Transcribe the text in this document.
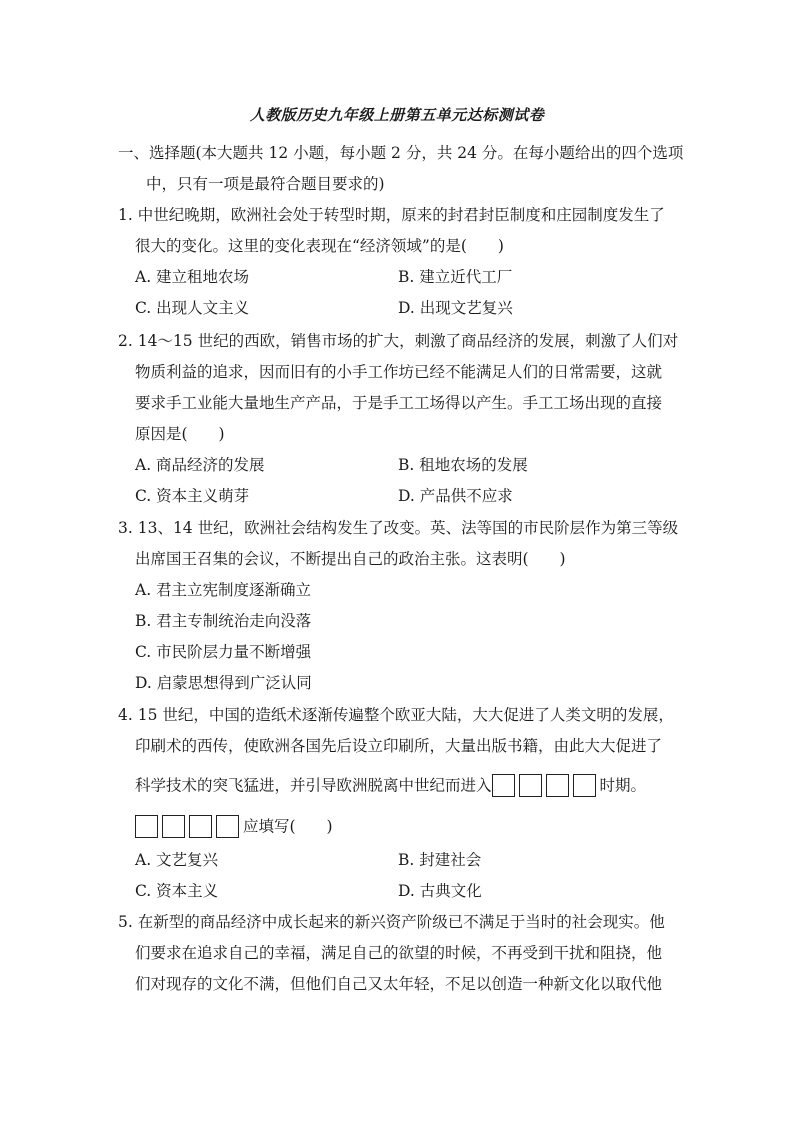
人教版历史九年级上册第五单元达标测试卷
一、选择题(本大题共 12 小题，每小题 2 分，共 24 分。在每小题给出的四个选项
中，只有一项是最符合题目要求的)
1. 中世纪晚期，欧洲社会处于转型时期，原来的封君封臣制度和庄园制度发生了
很大的变化。这里的变化表现在“经济领域”的是(　　)
A. 建立租地农场	B. 建立近代工厂
C. 出现人文主义	D. 出现文艺复兴
2. 14～15 世纪的西欧，销售市场的扩大，刺激了商品经济的发展，刺激了人们对
物质利益的追求，因而旧有的小手工作坊已经不能满足人们的日常需要，这就
要求手工业能大量地生产产品，于是手工工场得以产生。手工工场出现的直接
原因是(　　)
A. 商品经济的发展	B. 租地农场的发展
C. 资本主义萌芽	D. 产品供不应求
3. 13、14 世纪，欧洲社会结构发生了改变。英、法等国的市民阶层作为第三等级
出席国王召集的会议，不断提出自己的政治主张。这表明(　　)
A. 君主立宪制度逐渐确立
B. 君主专制统治走向没落
C. 市民阶层力量不断增强
D. 启蒙思想得到广泛认同
4. 15 世纪，中国的造纸术逐渐传遍整个欧亚大陆，大大促进了人类文明的发展，
印刷术的西传，使欧洲各国先后设立印刷所，大量出版书籍，由此大大促进了
科学技术的突飞猛进，并引导欧洲脱离中世纪而进入	时期。
应填写(　　)
A. 文艺复兴	B. 封建社会
C. 资本主义	D. 古典文化
5. 在新型的商品经济中成长起来的新兴资产阶级已不满足于当时的社会现实。他
们要求在追求自己的幸福，满足自己的欲望的时候，不再受到干扰和阻挠，他
们对现存的文化不满，但他们自己又太年轻，不足以创造一种新文化以取代他
